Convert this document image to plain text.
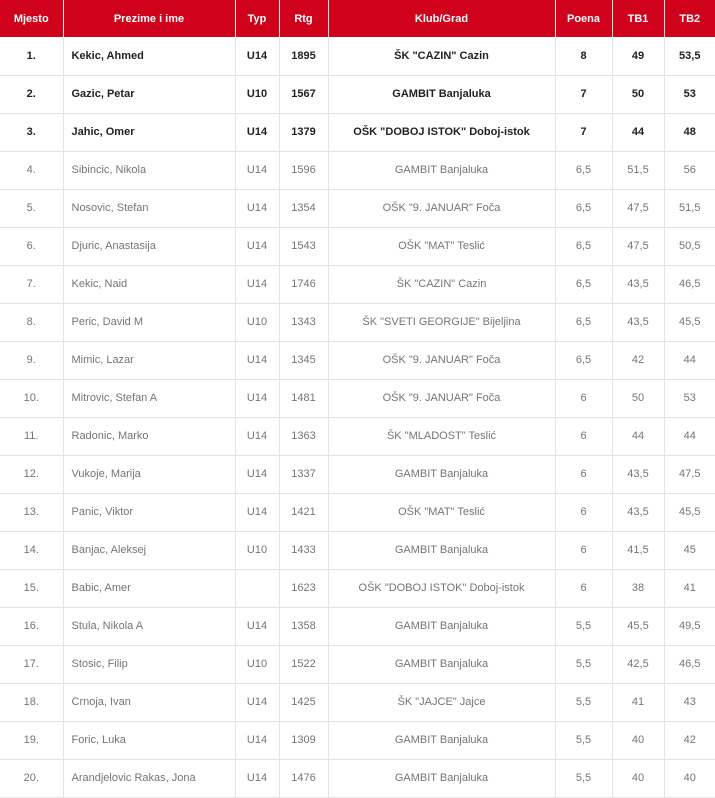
Mjesto	Prezime i ime	Typ	Rtg	Klub/Grad	Poena	TB1	TB2
1.	Kekic, Ahmed	U14	1895	ŠK "CAZIN" Cazin	8	49	53,5
2.	Gazic, Petar	U10	1567	GAMBIT Banjaluka	7	50	53
3.	Jahic, Omer	U14	1379	OŠK "DOBOJ ISTOK" Doboj-istok	7	44	48
4.	Sibincic, Nikola	U14	1596	GAMBIT Banjaluka	6,5	51,5	56
5.	Nosovic, Stefan	U14	1354	OŠK "9. JANUAR" Foča	6,5	47,5	51,5
6.	Djuric, Anastasija	U14	1543	OŠK "MAT" Teslić	6,5	47,5	50,5
7.	Kekic, Naid	U14	1746	ŠK "CAZIN" Cazin	6,5	43,5	46,5
8.	Peric, David M	U10	1343	ŠK "SVETI GEORGIJE" Bijeljina	6,5	43,5	45,5
9.	Mimic, Lazar	U14	1345	OŠK "9. JANUAR" Foča	6,5	42	44
10.	Mitrovic, Stefan A	U14	1481	OŠK "9. JANUAR" Foča	6	50	53
11.	Radonic, Marko	U14	1363	ŠK "MLADOST" Teslić	6	44	44
12.	Vukoje, Marija	U14	1337	GAMBIT Banjaluka	6	43,5	47,5
13.	Panic, Viktor	U14	1421	OŠK "MAT" Teslić	6	43,5	45,5
14.	Banjac, Aleksej	U10	1433	GAMBIT Banjaluka	6	41,5	45
15.	Babic, Amer		1623	OŠK "DOBOJ ISTOK" Doboj-istok	6	38	41
16.	Stula, Nikola A	U14	1358	GAMBIT Banjaluka	5,5	45,5	49,5
17.	Stosic, Filip	U10	1522	GAMBIT Banjaluka	5,5	42,5	46,5
18.	Crnoja, Ivan	U14	1425	ŠK "JAJCE" Jajce	5,5	41	43
19.	Foric, Luka	U14	1309	GAMBIT Banjaluka	5,5	40	42
20.	Arandjelovic Rakas, Jona	U14	1476	GAMBIT Banjaluka	5,5	40	40
